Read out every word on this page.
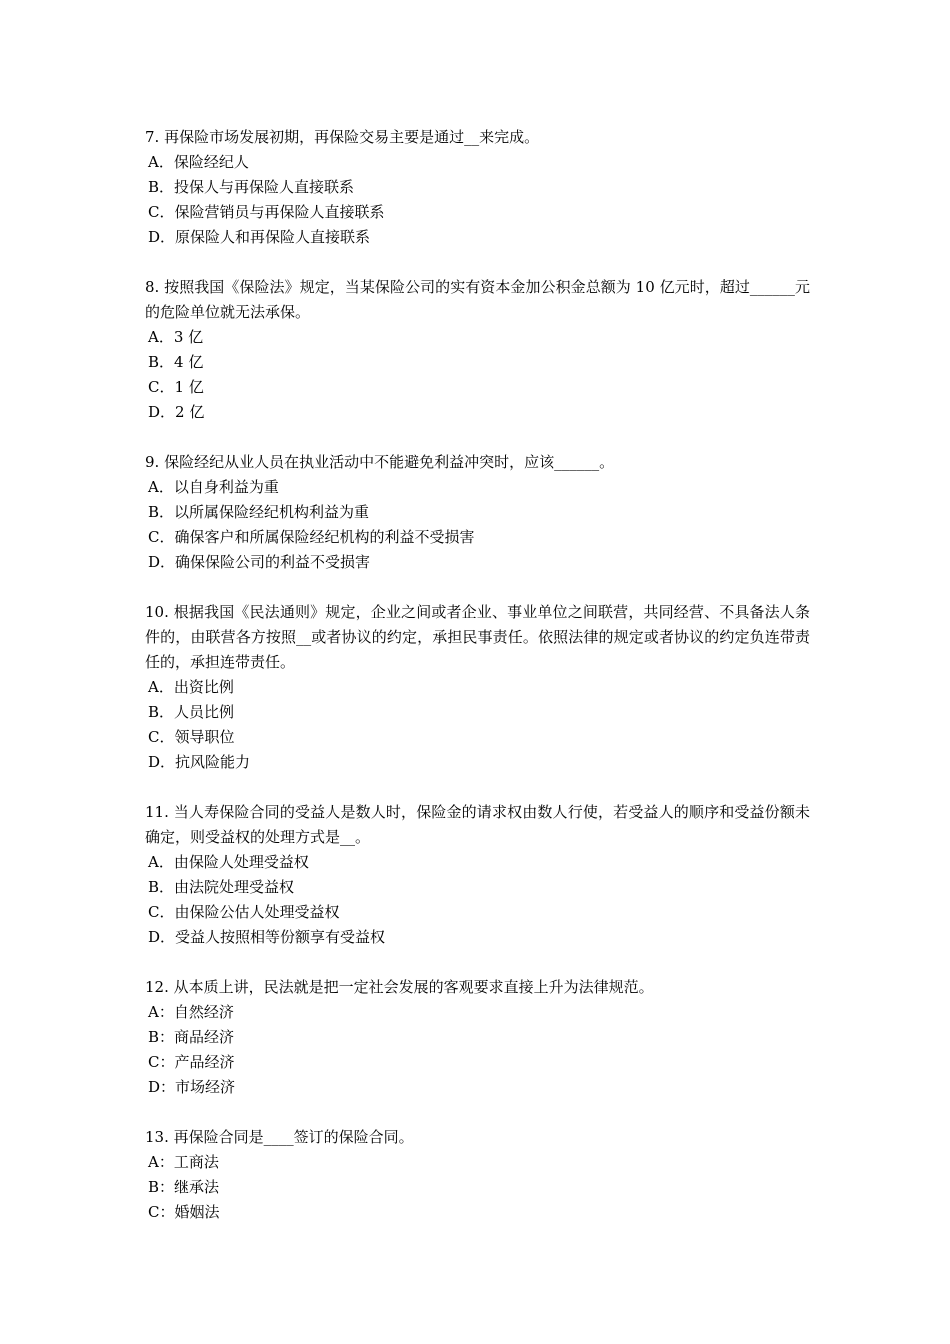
7. 再保险市场发展初期，再保险交易主要是通过__来完成。

A．保险经纪人

B．投保人与再保险人直接联系

C．保险营销员与再保险人直接联系

D．原保险人和再保险人直接联系

8. 按照我国《保险法》规定，当某保险公司的实有资本金加公积金总额为 10 亿元时，超过______元的危险单位就无法承保。

A．3 亿

B．4 亿

C．1 亿

D．2 亿

9. 保险经纪从业人员在执业活动中不能避免利益冲突时，应该______。

A．以自身利益为重

B．以所属保险经纪机构利益为重

C．确保客户和所属保险经纪机构的利益不受损害

D．确保保险公司的利益不受损害

10. 根据我国《民法通则》规定，企业之间或者企业、事业单位之间联营，共同经营、不具备法人条件的，由联营各方按照__或者协议的约定，承担民事责任。依照法律的规定或者协议的约定负连带责任的，承担连带责任。

A．出资比例

B．人员比例

C．领导职位

D．抗风险能力

11. 当人寿保险合同的受益人是数人时，保险金的请求权由数人行使，若受益人的顺序和受益份额未确定，则受益权的处理方式是__。

A．由保险人处理受益权

B．由法院处理受益权

C．由保险公估人处理受益权

D．受益人按照相等份额享有受益权

12. 从本质上讲，民法就是把一定社会发展的客观要求直接上升为法律规范。

A：自然经济

B：商品经济

C：产品经济

D：市场经济

13. 再保险合同是____签订的保险合同。

A：工商法

B：继承法

C：婚姻法
